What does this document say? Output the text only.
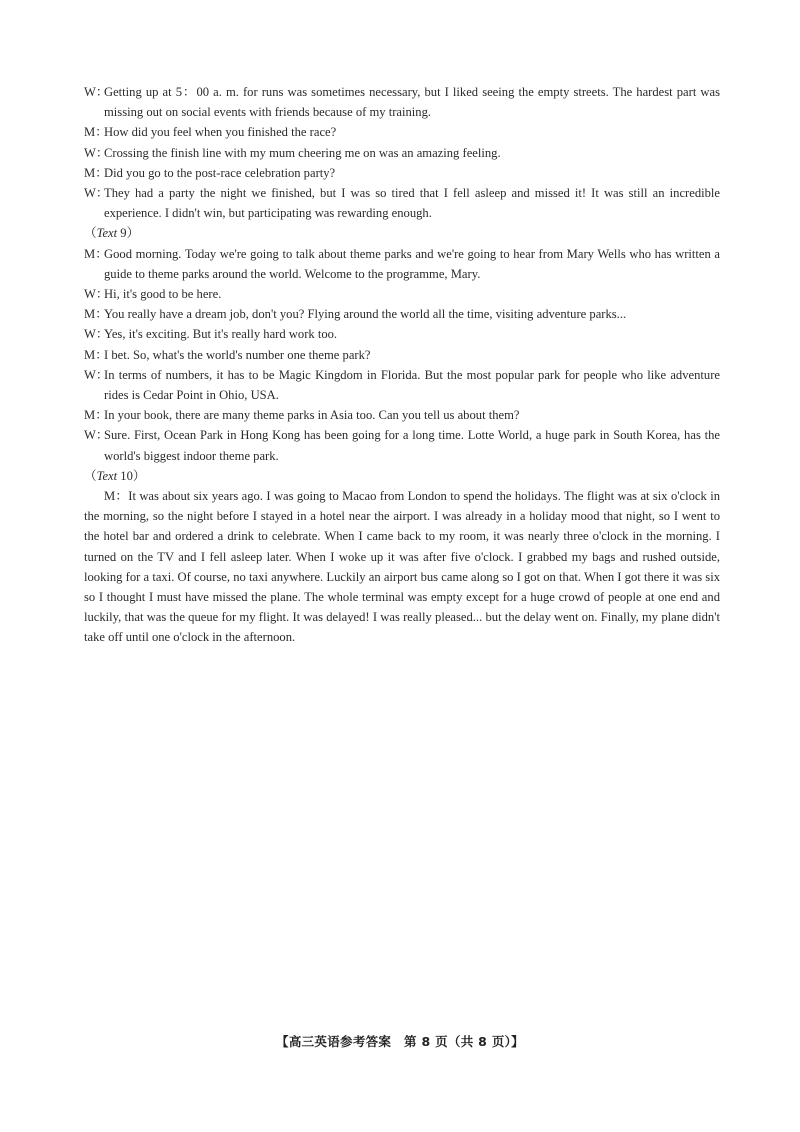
W：Getting up at 5：00 a. m. for runs was sometimes necessary, but I liked seeing the empty streets. The hardest part was missing out on social events with friends because of my training.

M：How did you feel when you finished the race?

W：Crossing the finish line with my mum cheering me on was an amazing feeling.

M：Did you go to the post-race celebration party?

W：They had a party the night we finished, but I was so tired that I fell asleep and missed it! It was still an incredible experience. I didn't win, but participating was rewarding enough.

（Text 9）

M：Good morning. Today we're going to talk about theme parks and we're going to hear from Mary Wells who has written a guide to theme parks around the world. Welcome to the programme, Mary.

W：Hi, it's good to be here.

M：You really have a dream job, don't you? Flying around the world all the time, visiting adventure parks...

W：Yes, it's exciting. But it's really hard work too.

M：I bet. So, what's the world's number one theme park?

W：In terms of numbers, it has to be Magic Kingdom in Florida. But the most popular park for people who like adventure rides is Cedar Point in Ohio, USA.

M：In your book, there are many theme parks in Asia too. Can you tell us about them?

W：Sure. First, Ocean Park in Hong Kong has been going for a long time. Lotte World, a huge park in South Korea, has the world's biggest indoor theme park.

（Text 10）

M：It was about six years ago. I was going to Macao from London to spend the holidays. The flight was at six o'clock in the morning, so the night before I stayed in a hotel near the airport. I was already in a holiday mood that night, so I went to the hotel bar and ordered a drink to celebrate. When I came back to my room, it was nearly three o'clock in the morning. I turned on the TV and I fell asleep later. When I woke up it was after five o'clock. I grabbed my bags and rushed outside, looking for a taxi. Of course, no taxi anywhere. Luckily an airport bus came along so I got on that. When I got there it was six so I thought I must have missed the plane. The whole terminal was empty except for a huge crowd of people at one end and luckily, that was the queue for my flight. It was delayed! I was really pleased... but the delay went on. Finally, my plane didn't take off until one o'clock in the afternoon.

【高三英语参考答案　第 8 页（共 8 页）】
